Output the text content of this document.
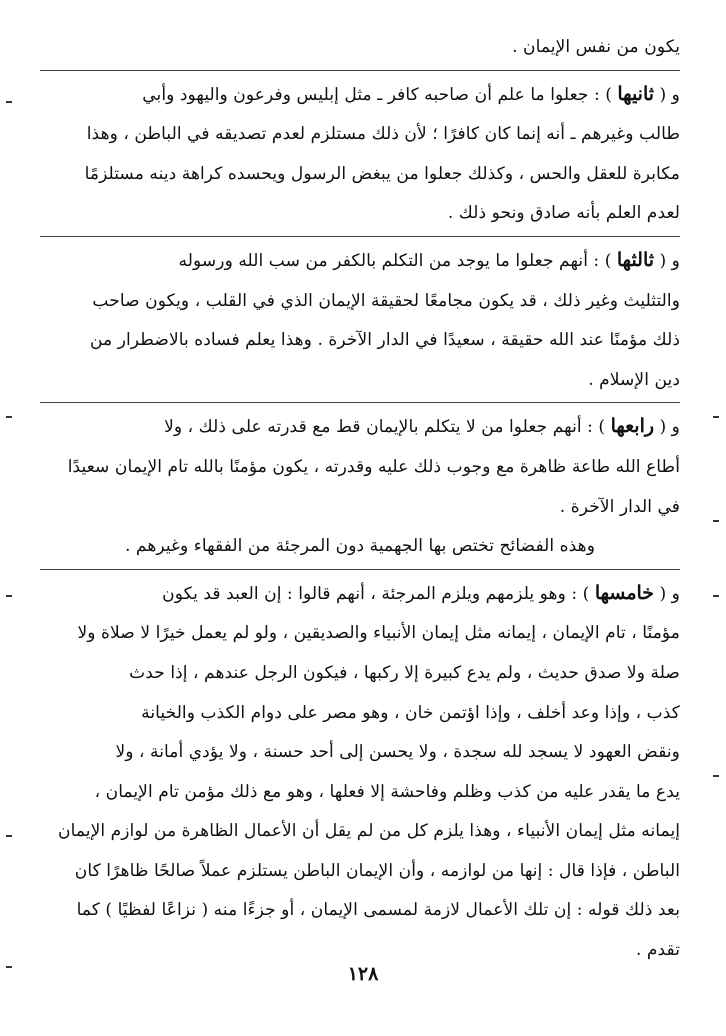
يكون من نفس الإيمان .

و ( ثانيها ) : جعلوا ما علم أن صاحبه كافر ـ مثل إبليس وفرعون واليهود وأبي
طالب وغيرهم ـ أنه إنما كان كافرًا ؛ لأن ذلك مستلزم لعدم تصديقه في الباطن ، وهذا
مكابرة للعقل والحس ، وكذلك جعلوا من يبغض الرسول ويحسده كراهة دينه مستلزمًا
لعدم العلم بأنه صادق ونحو ذلك .

و ( ثالثها ) : أنهم جعلوا ما يوجد من التكلم بالكفر من سب الله ورسوله
والتثليث وغير ذلك ، قد يكون مجامعًا لحقيقة الإيمان الذي في القلب ، ويكون صاحب
ذلك مؤمنًا عند الله حقيقة ، سعيدًا في الدار الآخرة . وهذا يعلم فساده بالاضطرار من
دين الإسلام .

و ( رابعها ) : أنهم جعلوا من لا يتكلم بالإيمان قط مع قدرته على ذلك ، ولا
أطاع الله طاعة ظاهرة مع وجوب ذلك عليه وقدرته ، يكون مؤمنًا بالله تام الإيمان سعيدًا
في الدار الآخرة .

وهذه الفضائح تختص بها الجهمية دون المرجئة من الفقهاء وغيرهم .

و ( خامسها ) : وهو يلزمهم ويلزم المرجئة ، أنهم قالوا : إن العبد قد يكون
مؤمنًا ، تام الإيمان ، إيمانه مثل إيمان الأنبياء والصديقين ، ولو لم يعمل خيرًا لا صلاة ولا
صلة ولا صدق حديث ، ولم يدع كبيرة إلا ركبها ، فيكون الرجل عندهم ، إذا حدث
كذب ، وإذا وعد أخلف ، وإذا اؤتمن خان ، وهو مصر على دوام الكذب والخيانة
ونقض العهود لا يسجد لله سجدة ، ولا يحسن إلى أحد حسنة ، ولا يؤدي أمانة ، ولا
يدع ما يقدر عليه من كذب وظلم وفاحشة إلا فعلها ، وهو مع ذلك مؤمن تام الإيمان ،
إيمانه مثل إيمان الأنبياء ، وهذا يلزم كل من لم يقل أن الأعمال الظاهرة من لوازم الإيمان
الباطن ، فإذا قال : إنها من لوازمه ، وأن الإيمان الباطن يستلزم عملاً صالحًا ظاهرًا كان
بعد ذلك قوله : إن تلك الأعمال لازمة لمسمى الإيمان ، أو جزءًا منه ( نزاعًا لفظيًا ) كما
تقدم .

١٢٨
